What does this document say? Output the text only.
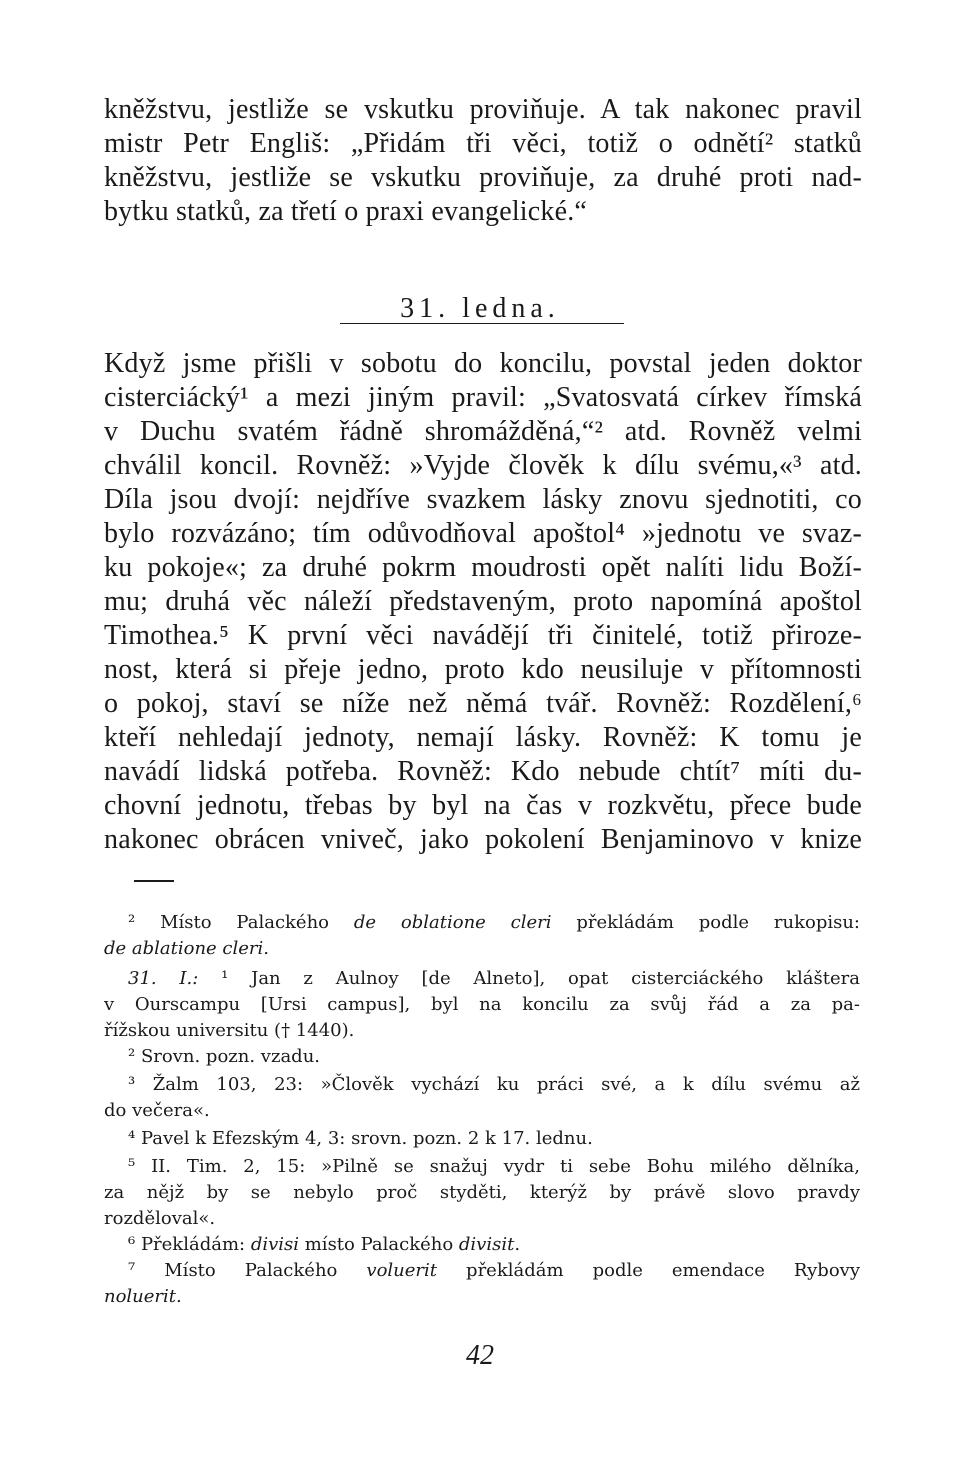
kněžstvu, jestliže se vskutku proviňuje. A tak nakonec pravil
mistr Petr Engliš: „Přidám tři věci, totiž o odnětí² statků
kněžstvu, jestliže se vskutku proviňuje, za druhé proti nad-
bytku statků, za třetí o praxi evangelické.“
31. ledna.
Když jsme přišli v sobotu do koncilu, povstal jeden doktor
cisterciácký¹ a mezi jiným pravil: „Svatosvatá církev římská
v Duchu svatém řádně shromážděná,“² atd. Rovněž velmi
chválil koncil. Rovněž: »Vyjde člověk k dílu svému,«³ atd.
Díla jsou dvojí: nejdříve svazkem lásky znovu sjednotiti, co
bylo rozvázáno; tím odůvodňoval apoštol⁴ »jednotu ve svaz-
ku pokoje«; za druhé pokrm moudrosti opět nalíti lidu Boží-
mu; druhá věc náleží představeným, proto napomíná apoštol
Timothea.⁵ K první věci navádějí tři činitelé, totiž přiroze-
nost, která si přeje jedno, proto kdo neusiluje v přítomnosti
o pokoj, staví se níže než němá tvář. Rovněž: Rozdělení,⁶
kteří nehledají jednoty, nemají lásky. Rovněž: K tomu je
navádí lidská potřeba. Rovněž: Kdo nebude chtít⁷ míti du-
chovní jednotu, třebas by byl na čas v rozkvětu, přece bude
nakonec obrácen vniveč, jako pokolení Benjaminovo v knize
² Místo Palackého de oblatione cleri překládám podle rukopisu:
de ablatione cleri.
31. I.: ¹ Jan z Aulnoy [de Alneto], opat cisterciáckého kláštera
v Ourscampu [Ursi campus], byl na koncilu za svůj řád a za pa-
řížskou universitu († 1440).
² Srovn. pozn. vzadu.
³ Žalm 103, 23: »Člověk vychází ku práci své, a k dílu svému až
do večera«.
⁴ Pavel k Efezským 4, 3: srovn. pozn. 2 k 17. lednu.
⁵ II. Tim. 2, 15: »Pilně se snažuj vydr ti sebe Bohu milého dělníka,
za nějž by se nebylo proč styděti, kterýž by právě slovo pravdy
rozděloval«.
⁶ Překládám: divisi místo Palackého divisit.
⁷ Místo Palackého voluerit překládám podle emendace Rybovy
noluerit.
42
